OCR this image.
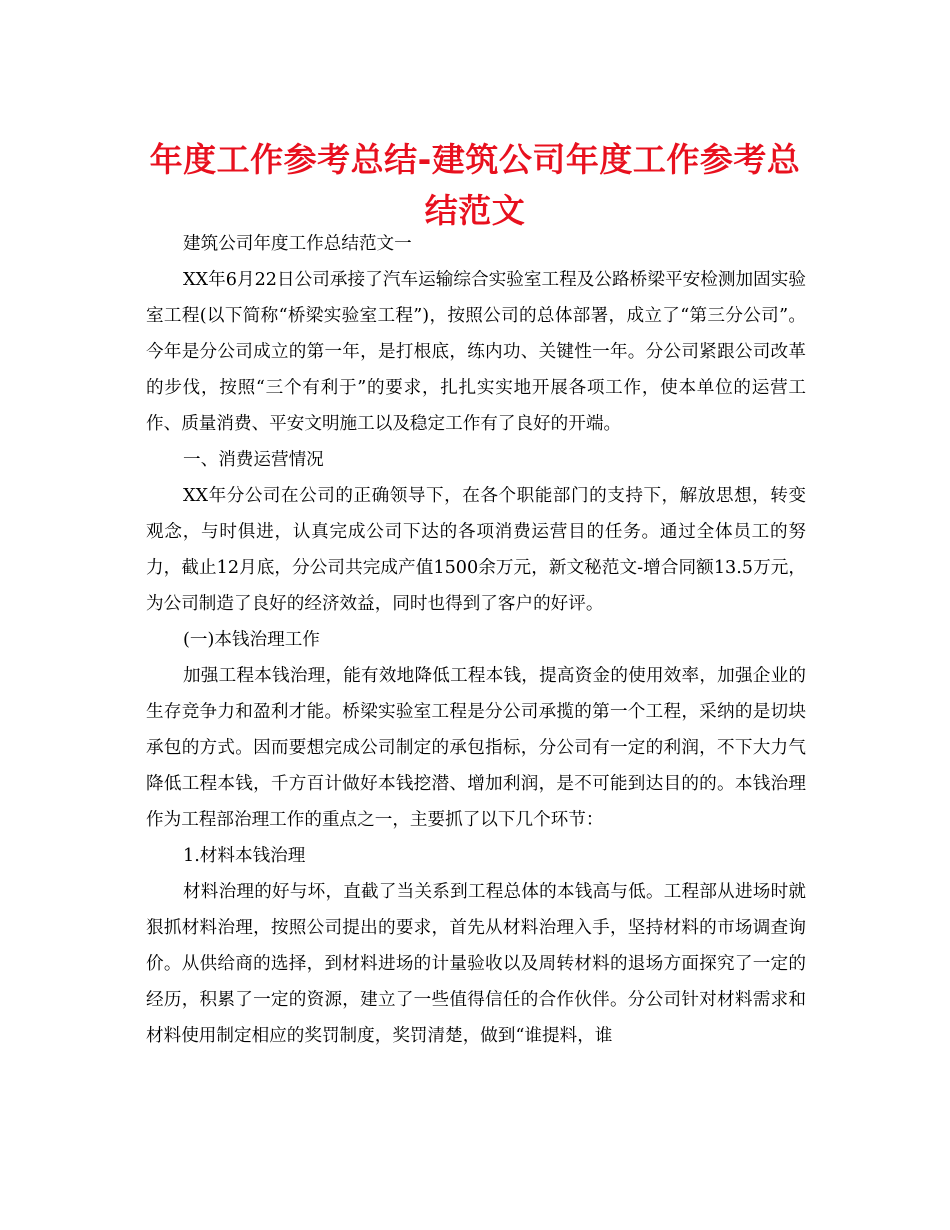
年度工作参考总结-建筑公司年度工作参考总结范文

建筑公司年度工作总结范文一

XX年6月22日公司承接了汽车运输综合实验室工程及公路桥梁平安检测加固实验室工程(以下简称“桥梁实验室工程”)，按照公司的总体部署，成立了“第三分公司”。今年是分公司成立的第一年，是打根底，练内功、关键性一年。分公司紧跟公司改革的步伐，按照“三个有利于”的要求，扎扎实实地开展各项工作，使本单位的运营工作、质量消费、平安文明施工以及稳定工作有了良好的开端。

一、消费运营情况

XX年分公司在公司的正确领导下，在各个职能部门的支持下，解放思想，转变观念，与时俱进，认真完成公司下达的各项消费运营目的任务。通过全体员工的努力，截止12月底，分公司共完成产值1500余万元，新文秘范文-增合同额13.5万元，为公司制造了良好的经济效益，同时也得到了客户的好评。

(一)本钱治理工作

加强工程本钱治理，能有效地降低工程本钱，提高资金的使用效率，加强企业的生存竞争力和盈利才能。桥梁实验室工程是分公司承揽的第一个工程，采纳的是切块承包的方式。因而要想完成公司制定的承包指标，分公司有一定的利润，不下大力气降低工程本钱，千方百计做好本钱挖潜、增加利润，是不可能到达目的的。本钱治理作为工程部治理工作的重点之一，主要抓了以下几个环节：

1.材料本钱治理

材料治理的好与坏，直截了当关系到工程总体的本钱高与低。工程部从进场时就狠抓材料治理，按照公司提出的要求，首先从材料治理入手，坚持材料的市场调查询价。从供给商的选择，到材料进场的计量验收以及周转材料的退场方面探究了一定的经历，积累了一定的资源，建立了一些值得信任的合作伙伴。分公司针对材料需求和材料使用制定相应的奖罚制度，奖罚清楚，做到“谁提料，谁
